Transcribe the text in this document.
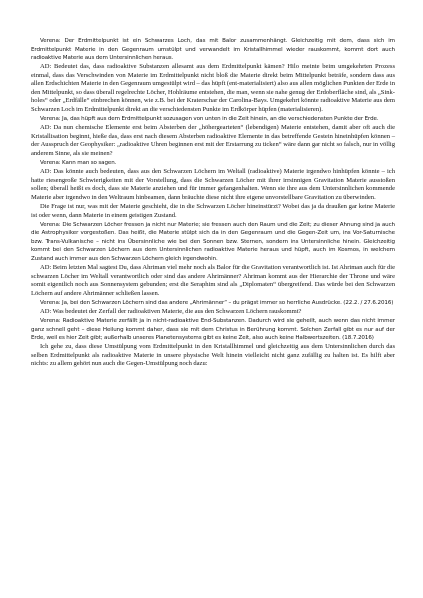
Verena: Der Erdmittelpunkt ist ein Schwarzes Loch, das mit Balor zusammenhängt. Gleichzeitig mit dem, dass sich im Erdmittelpunkt Materie in den Gegenraum umstülpt und verwandelt im Kristallhimmel wieder rauskommt, kommt dort auch radioaktive Materie aus dem Untersinnlichen heraus.

AD: Bedeutet das, dass radioaktive Substanzen allesamt aus dem Erdmittelpunkt kämen? Hilo meinte beim umgekehrten Prozess einmal, dass das Verschwinden von Materie im Erdmittelpunkt nicht bloß die Materie direkt beim Mittelpunkt beträfe, sondern dass aus allen Erdschichten Materie in den Gegenraum umgestülpt wird – das hüpft (ent-materialisiert) also aus allen möglichen Punkten der Erde in den Mittelpunkt, so dass überall regelrechte Löcher, Hohlräume entstehen, die man, wenn sie nahe genug der Erdoberfläche sind, als „Sink-holes“ oder „Erdfälle“ einbrechen können, wie z.B. bei der Kraterschar der Carolina-Bays. Umgekehrt könnte radioaktive Materie aus dem Schwarzen Loch im Erdmittelpunkt direkt an die verschiedensten Punkte im Erdkörper hüpfen (materialisieren).

Verena: Ja, das hüpft aus dem Erdmittelpunkt sozusagen von unten in die Zeit hinein, an die verschiedensten Punkte der Erde.

AD: Da nun chemische Elemente erst beim Absterben der „höhergearteten“ (lebendigen) Materie entstehen, damit aber oft auch die Kristallisation beginnt, hieße das, dass erst nach diesem Absterben radioaktive Elemente in das betreffende Gestein hineinhüpfen können – der Ausspruch der Geophysiker: „radioaktive Uhren beginnen erst mit der Erstarrung zu ticken“ wäre dann gar nicht so falsch, nur in völlig anderem Sinne, als sie meinen?

Verena: Kann man so sagen.

AD: Das könnte auch bedeuten, dass aus den Schwarzen Löchern im Weltall (radioaktive) Materie irgendwo hinhüpfen könnte – ich hatte riesengroße Schwierigkeiten mit der Vorstellung, dass die Schwarzen Löcher mit ihrer irrsinnigen Gravitation Materie ausstoßen sollen; überall heißt es doch, dass sie Materie anziehen und für immer gefangenhalten. Wenn sie ihre aus dem Untersinnlichen kommende Materie aber irgendwo in den Weltraum hinbeamen, dann bräuchte diese nicht ihre eigene unvorstellbare Gravitation zu überwinden.

Die Frage ist nur, was mit der Materie geschieht, die in die Schwarzen Löcher hineinstürzt? Wobei das ja da draußen gar keine Materie ist oder wenn, dann Materie in einem geistigen Zustand.

Verena: Die Schwarzen Löcher fressen ja nicht nur Materie; sie fressen auch den Raum und die Zeit; zu dieser Ahnung sind ja auch die Astrophysiker vorgestoßen. Das heißt, die Materie stülpt sich da in den Gegenraum und die Gegen-Zeit um, ins Vor-Saturnische bzw. Trans-Vulkanische – nicht ins Übersinnliche wie bei den Sonnen bzw. Sternen, sondern ins Untersinnliche hinein. Gleichzeitig kommt bei den Schwarzen Löchern aus dem Untersinnlichen radioaktive Materie heraus und hüpft, auch im Kosmos, in welchem Zustand auch immer aus den Schwarzen Löchern gleich irgendwohin.

AD: Beim letzten Mal sagtest Du, dass Ahriman viel mehr noch als Balor für die Gravitation verantwortlich ist. Ist Ahriman auch für die schwarzen Löcher im Weltall verantwortlich oder sind das andere Ahrimänner? Ahriman kommt aus der Hierarchie der Throne und wäre somit eigentlich noch aus Sonnensystem gebunden; erst die Seraphim sind als „Diplomaten“ übergreifend. Das würde bei den Schwarzen Löchern auf andere Ahrimänner schließen lassen.

Verena: Ja, bei den Schwarzen Löchern sind das andere „Ahrimänner“ – du prägst immer so herrliche Ausdrücke. (22.2. / 27.6.2016)

AD: Was bedeutet der Zerfall der radioaktiven Materie, die aus den Schwarzen Löchern rauskommt?

Verena: Radioaktive Materie zerfällt ja in nicht-radioaktive End-Substanzen. Dadurch wird sie geheilt, auch wenn das nicht immer ganz schnell geht – diese Heilung kommt daher, dass sie mit dem Christus in Berührung kommt. Solchen Zerfall gibt es nur auf der Erde, weil es hier Zeit gibt; außerhalb unseres Planetensystems gibt es keine Zeit, also auch keine Halbwertszeiten. (18.7.2016)

Ich gehe zu, dass diese Umstülpung vom Erdmittelpunkt in den Kristallhimmel und gleichzeitig aus dem Untersinnlichen durch das selben Erdmittelpunkt als radioaktive Materie in unsere physische Welt hinein vielleicht nicht ganz zufällig zu halten ist. Es hilft aber nichts: zu allem gehört nun auch die Gegen-Umstülpung noch dazu:
